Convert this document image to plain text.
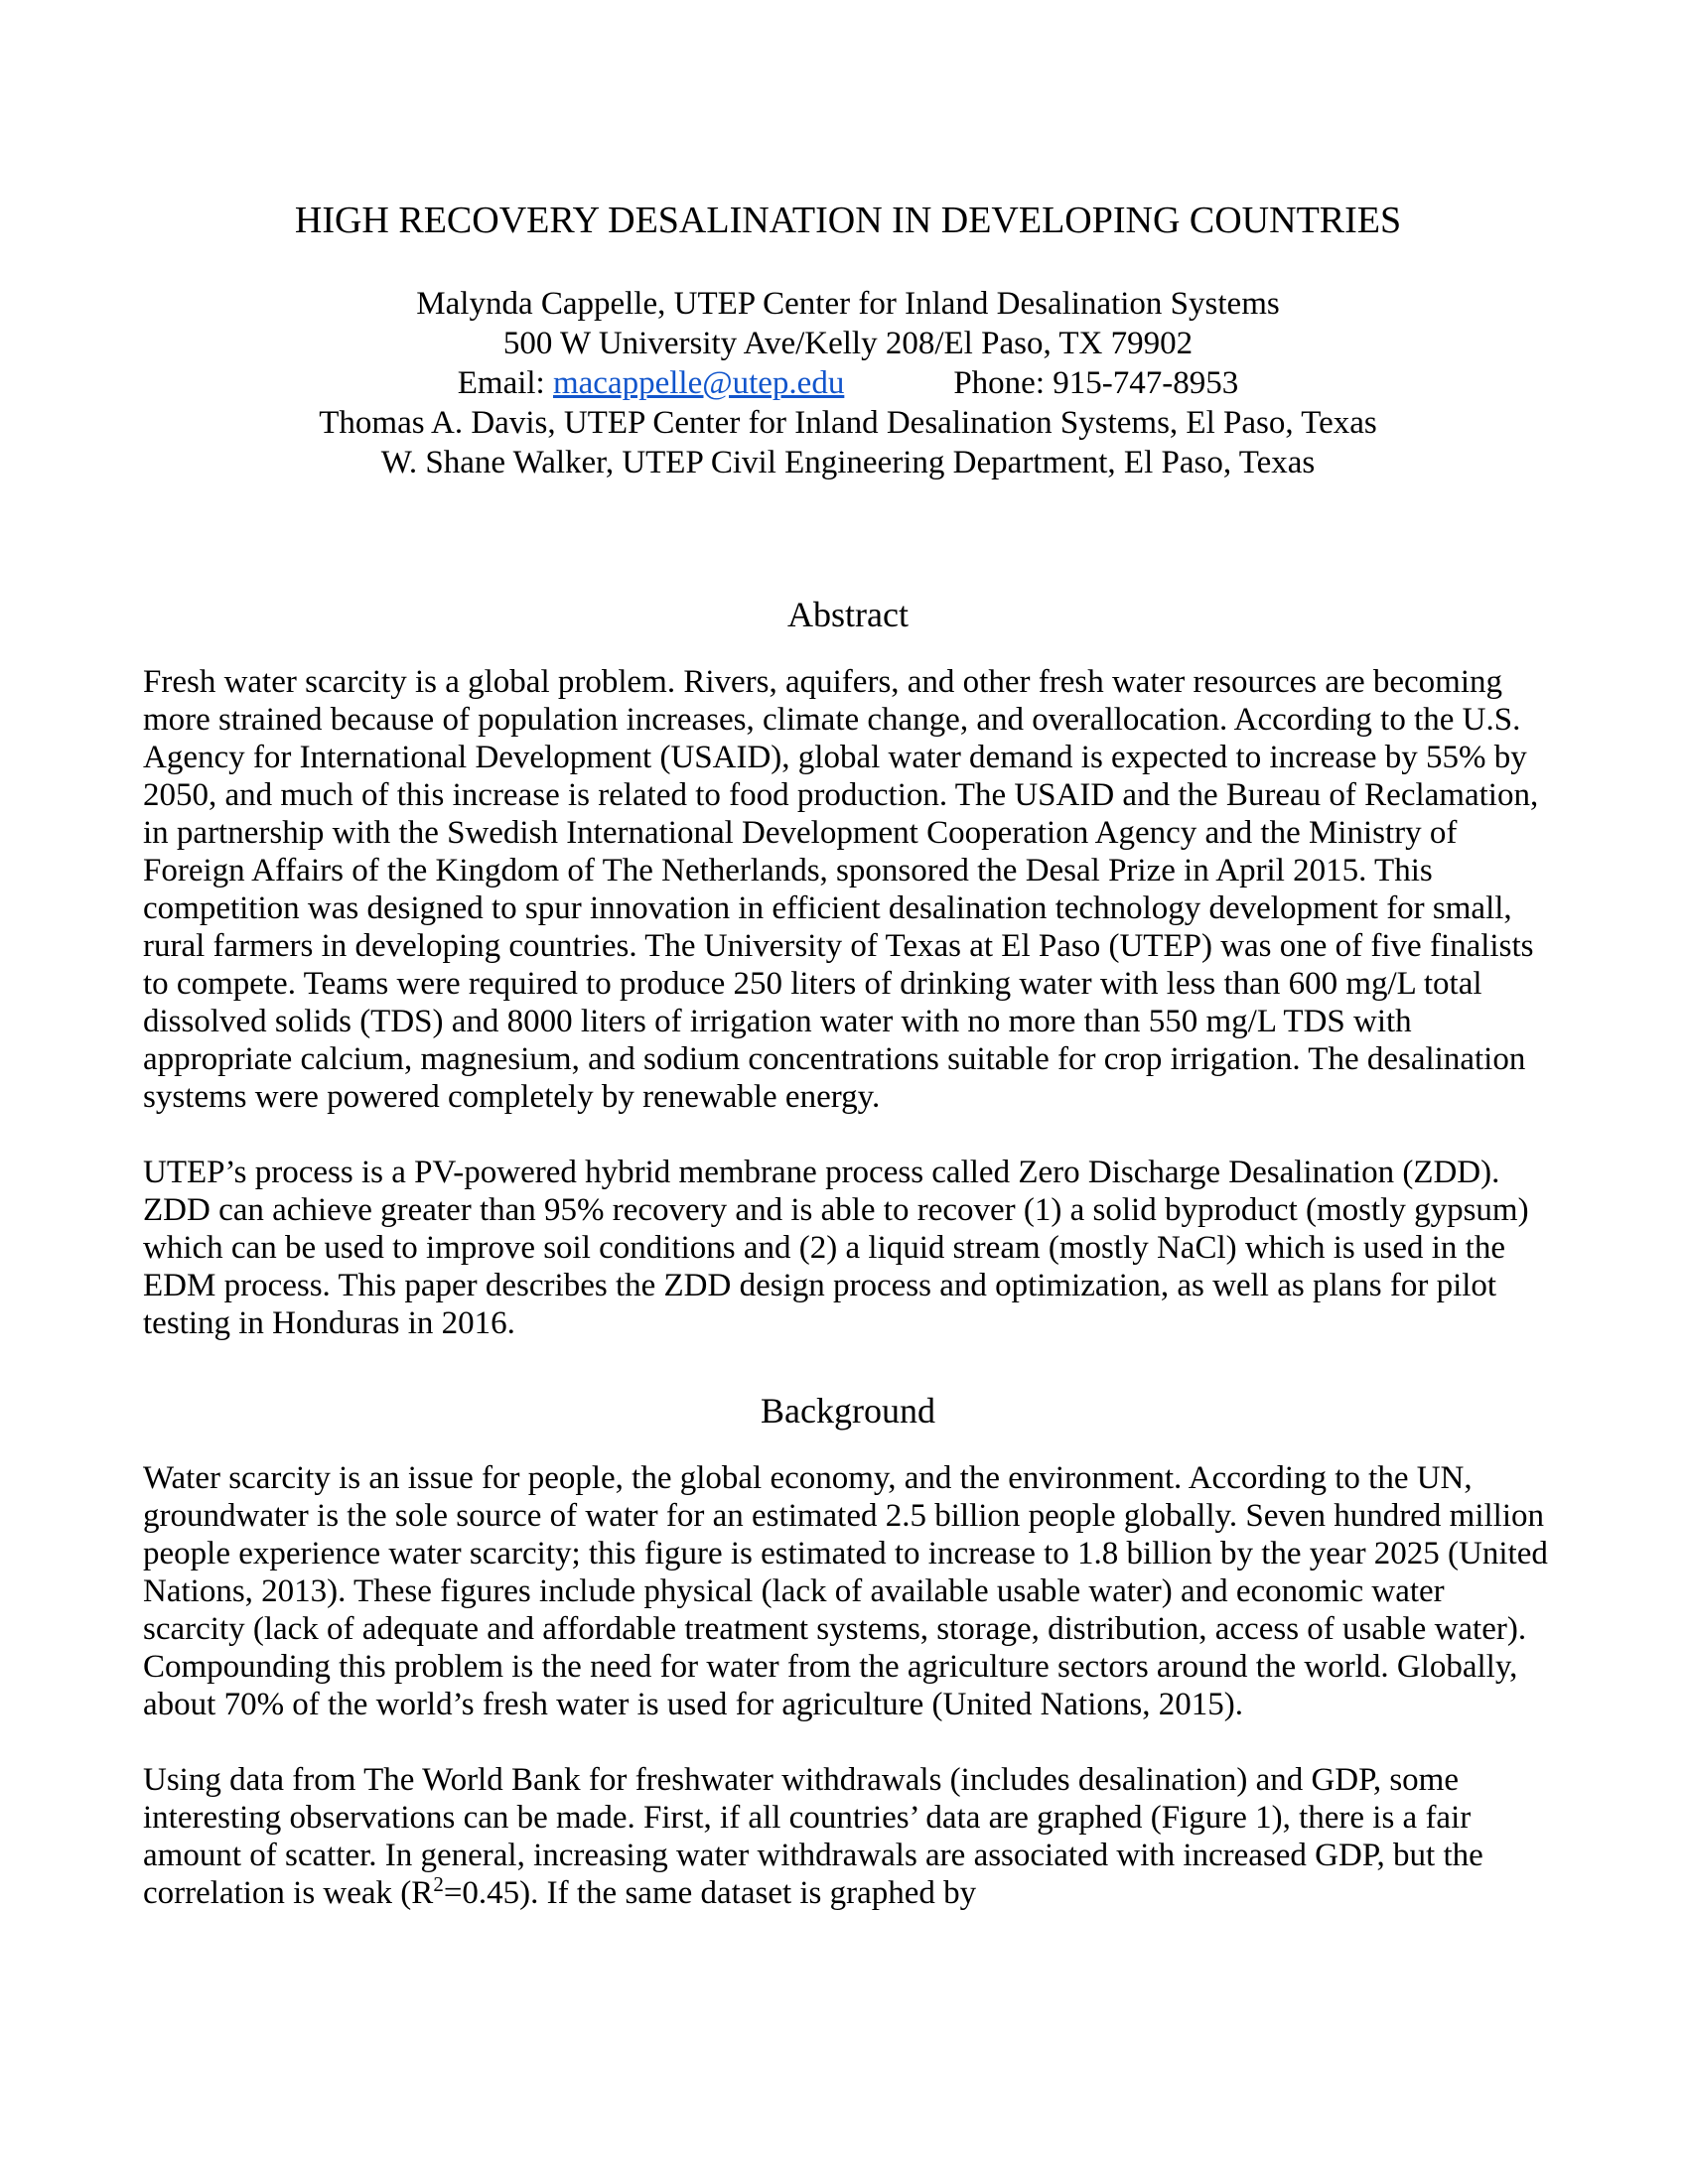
HIGH RECOVERY DESALINATION IN DEVELOPING COUNTRIES
Malynda Cappelle, UTEP Center for Inland Desalination Systems
500 W University Ave/Kelly 208/El Paso, TX 79902
Email: macappelle@utep.edu	Phone: 915-747-8953
Thomas A. Davis, UTEP Center for Inland Desalination Systems, El Paso, Texas
W. Shane Walker, UTEP Civil Engineering Department, El Paso, Texas
Abstract

Fresh water scarcity is a global problem. Rivers, aquifers, and other fresh water resources are becoming more strained because of population increases, climate change, and overallocation. According to the U.S. Agency for International Development (USAID), global water demand is expected to increase by 55% by 2050, and much of this increase is related to food production. The USAID and the Bureau of Reclamation, in partnership with the Swedish International Development Cooperation Agency and the Ministry of Foreign Affairs of the Kingdom of The Netherlands, sponsored the Desal Prize in April 2015. This competition was designed to spur innovation in efficient desalination technology development for small, rural farmers in developing countries. The University of Texas at El Paso (UTEP) was one of five finalists to compete. Teams were required to produce 250 liters of drinking water with less than 600 mg/L total dissolved solids (TDS) and 8000 liters of irrigation water with no more than 550 mg/L TDS with appropriate calcium, magnesium, and sodium concentrations suitable for crop irrigation. The desalination systems were powered completely by renewable energy.

UTEP’s process is a PV-powered hybrid membrane process called Zero Discharge Desalination (ZDD). ZDD can achieve greater than 95% recovery and is able to recover (1) a solid byproduct (mostly gypsum) which can be used to improve soil conditions and (2) a liquid stream (mostly NaCl) which is used in the EDM process. This paper describes the ZDD design process and optimization, as well as plans for pilot testing in Honduras in 2016.

Background

Water scarcity is an issue for people, the global economy, and the environment. According to the UN, groundwater is the sole source of water for an estimated 2.5 billion people globally. Seven hundred million people experience water scarcity; this figure is estimated to increase to 1.8 billion by the year 2025 (United Nations, 2013). These figures include physical (lack of available usable water) and economic water scarcity (lack of adequate and affordable treatment systems, storage, distribution, access of usable water). Compounding this problem is the need for water from the agriculture sectors around the world. Globally, about 70% of the world’s fresh water is used for agriculture (United Nations, 2015).

Using data from The World Bank for freshwater withdrawals (includes desalination) and GDP, some interesting observations can be made. First, if all countries’ data are graphed (Figure 1), there is a fair amount of scatter. In general, increasing water withdrawals are associated with increased GDP, but the correlation is weak $(R^2=0.45)$. If the same dataset is graphed by
